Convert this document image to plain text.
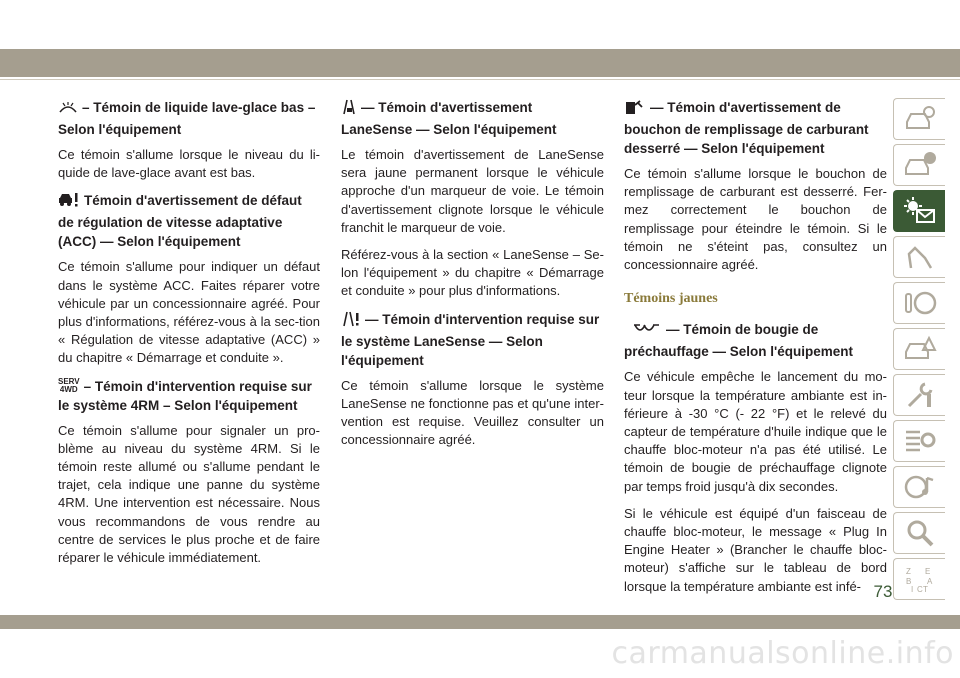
– Témoin de liquide lave-glace bas – Selon l'équipement
Ce témoin s'allume lorsque le niveau du li-quide de lave-glace avant est bas.
Témoin d'avertissement de défaut de régulation de vitesse adaptative (ACC) — Selon l'équipement
Ce témoin s'allume pour indiquer un défaut dans le système ACC. Faites réparer votre véhicule par un concessionnaire agréé. Pour plus d'informations, référez-vous à la sec-tion « Régulation de vitesse adaptative (ACC) » du chapitre « Démarrage et conduite ».
SERV
4WD – Témoin d'intervention requise sur le système 4RM – Selon l'équipement
Ce témoin s'allume pour signaler un pro-blème au niveau du système 4RM. Si le témoin reste allumé ou s'allume pendant le trajet, cela indique une panne du système 4RM. Une intervention est nécessaire. Nous vous recommandons de vous rendre au centre de services le plus proche et de faire réparer le véhicule immédiatement.
— Témoin d'avertissement LaneSense — Selon l'équipement
Le témoin d'avertissement de LaneSense sera jaune permanent lorsque le véhicule approche d'un marqueur de voie. Le témoin d'avertissement clignote lorsque le véhicule franchit le marqueur de voie.
Référez-vous à la section « LaneSense – Se-lon l'équipement » du chapitre « Démarrage et conduite » pour plus d'informations.
— Témoin d'intervention requise sur le système LaneSense — Selon l'équipement
Ce témoin s'allume lorsque le système LaneSense ne fonctionne pas et qu'une inter-vention est requise. Veuillez consulter un concessionnaire agréé.
— Témoin d'avertissement de bouchon de remplissage de carburant desserré — Selon l'équipement
Ce témoin s'allume lorsque le bouchon de remplissage de carburant est desserré. Fer-mez correctement le bouchon de remplissage pour éteindre le témoin. Si le témoin ne s'éteint pas, consultez un concessionnaire agréé.
Témoins jaunes
— Témoin de bougie de préchauffage — Selon l'équipement
Ce véhicule empêche le lancement du mo-teur lorsque la température ambiante est in-férieure à -30 °C (- 22 °F) et le relevé du capteur de température d'huile indique que le chauffe bloc-moteur n'a pas été utilisé. Le témoin de bougie de préchauffage clignote par temps froid jusqu'à dix secondes.
Si le véhicule est équipé d'un faisceau de chauffe bloc-moteur, le message « Plug In Engine Heater » (Brancher le chauffe bloc-moteur) s'affiche sur le tableau de bord lorsque la température ambiante est infé-
Z E
B A
I C T
73
carmanualsonline.info
